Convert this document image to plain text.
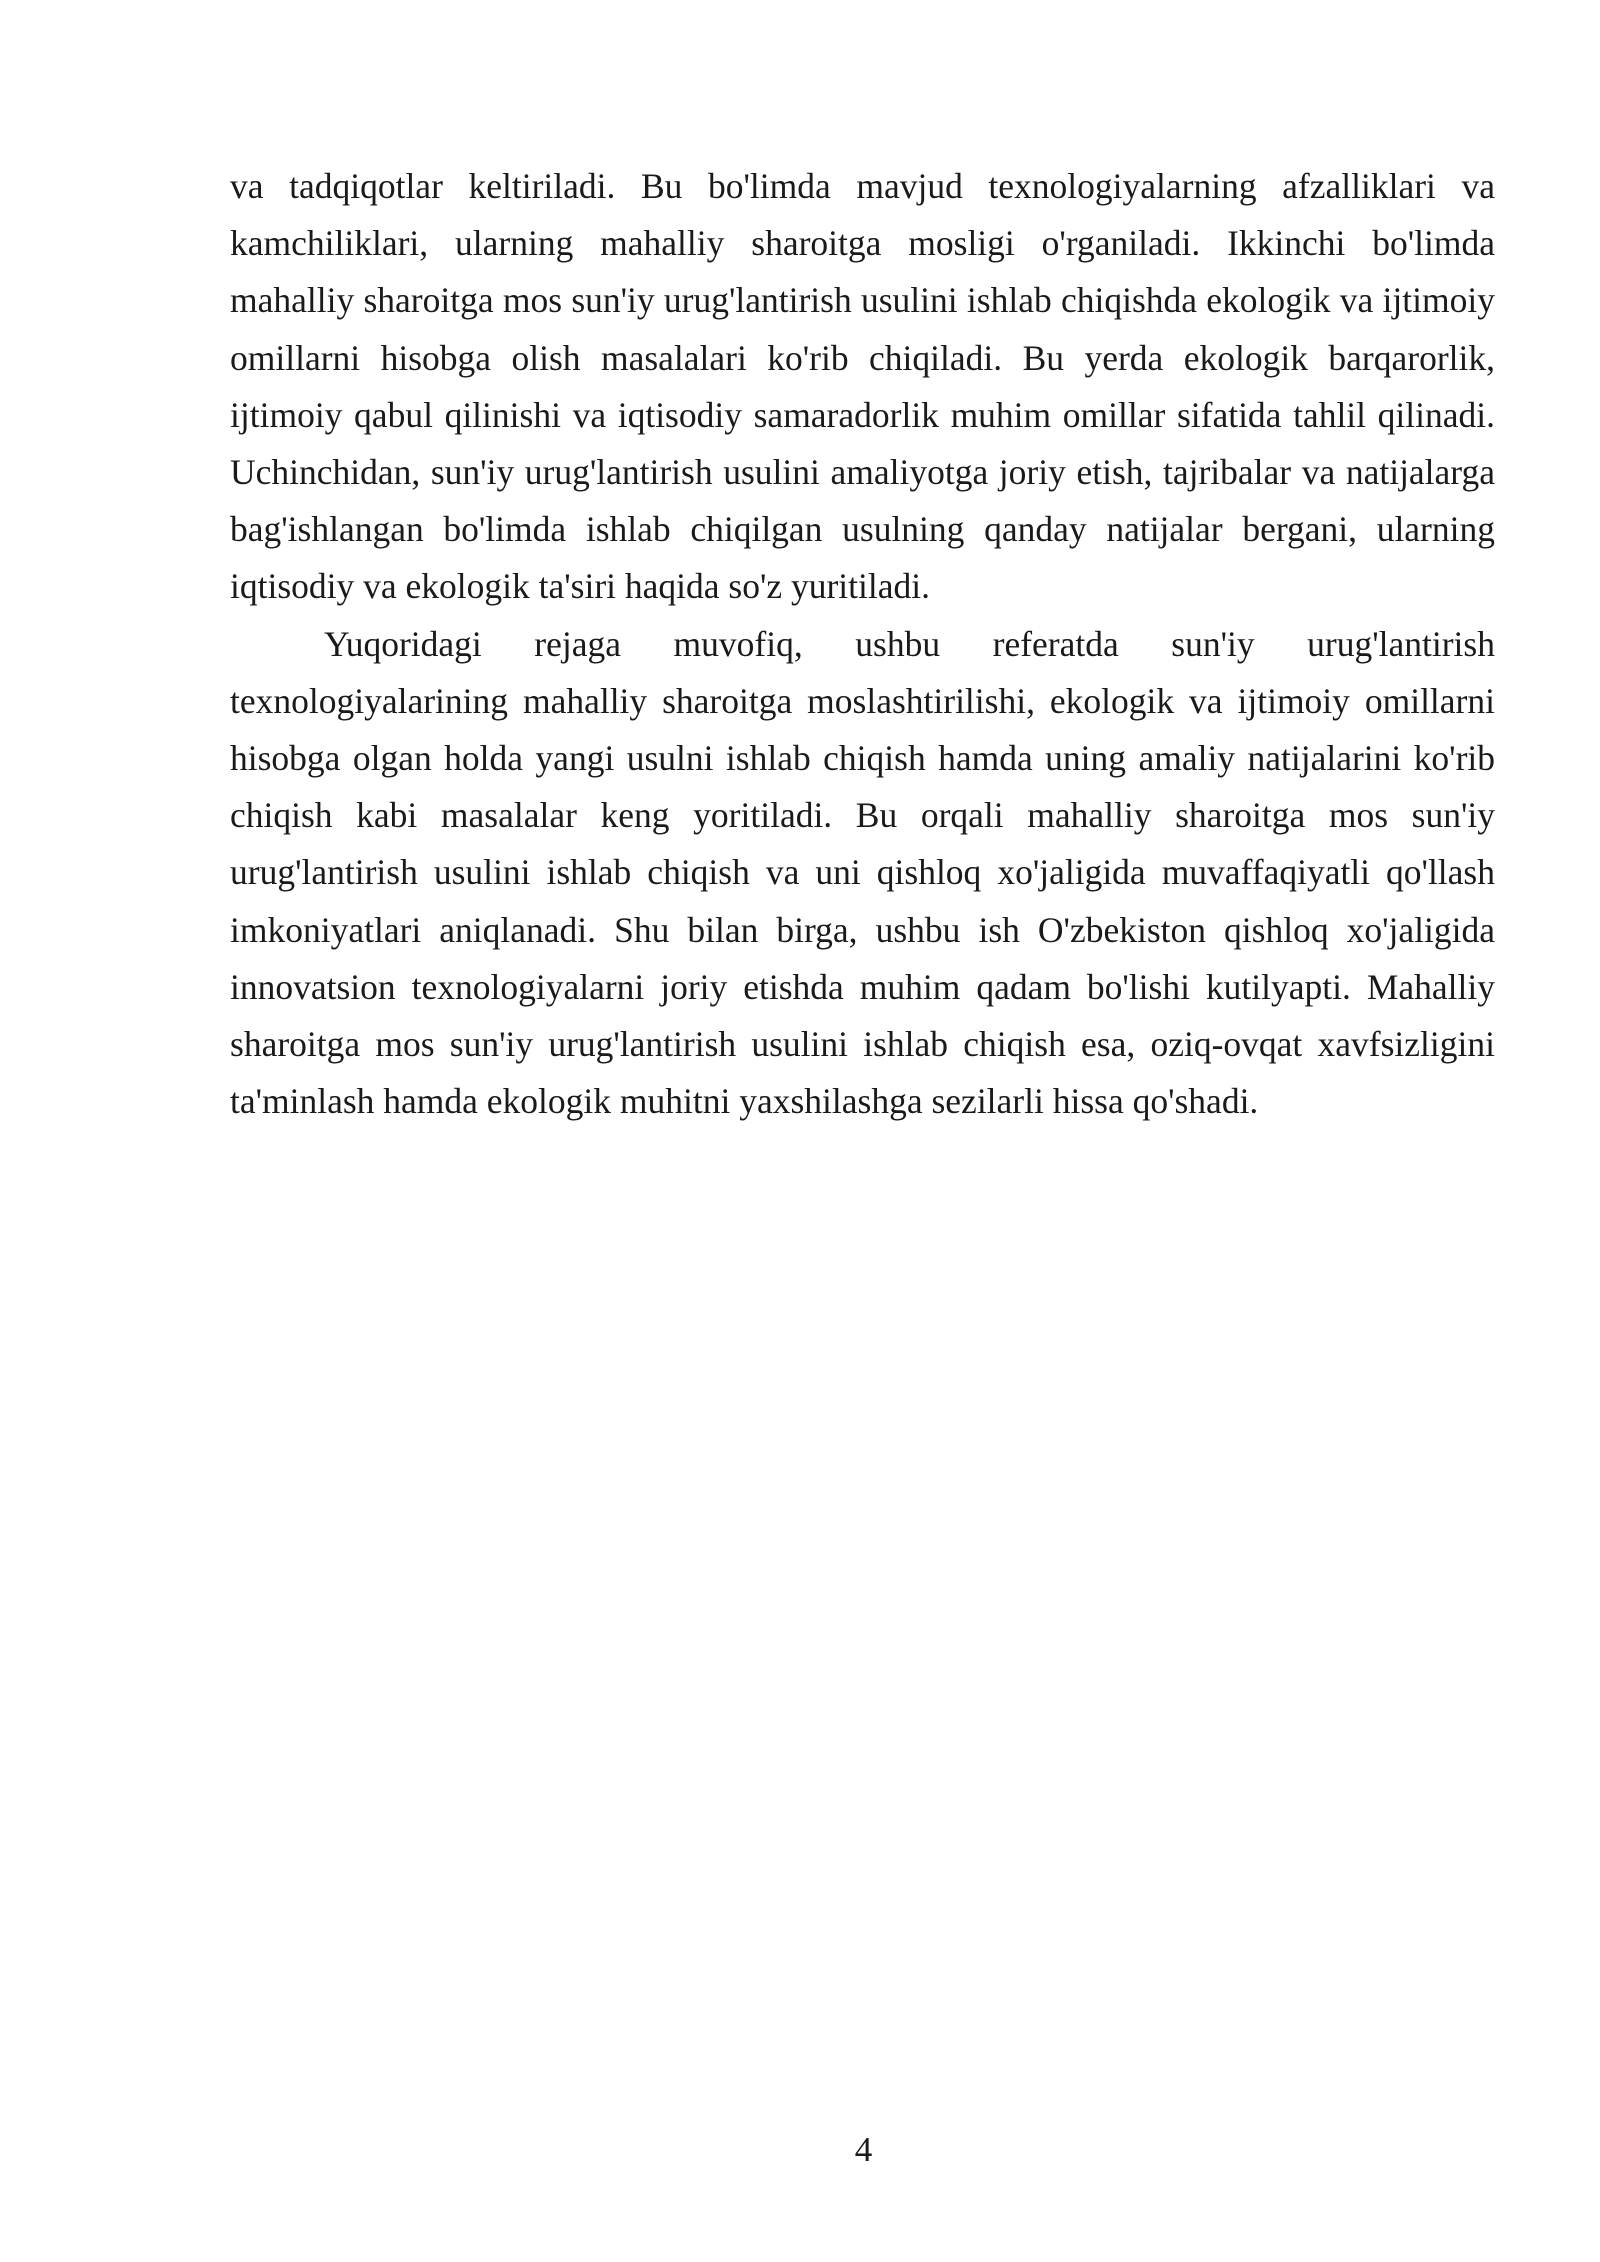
va tadqiqotlar keltiriladi. Bu bo'limda mavjud texnologiyalarning afzalliklari va kamchiliklari, ularning mahalliy sharoitga mosligi o'rganiladi. Ikkinchi bo'limda mahalliy sharoitga mos sun'iy urug'lantirish usulini ishlab chiqishda ekologik va ijtimoiy omillarni hisobga olish masalalari ko'rib chiqiladi. Bu yerda ekologik barqarorlik, ijtimoiy qabul qilinishi va iqtisodiy samaradorlik muhim omillar sifatida tahlil qilinadi. Uchinchidan, sun'iy urug'lantirish usulini amaliyotga joriy etish, tajribalar va natijalarga bag'ishlangan bo'limda ishlab chiqilgan usulning qanday natijalar bergani, ularning iqtisodiy va ekologik ta'siri haqida so'z yuritiladi.

Yuqoridagi rejaga muvofiq, ushbu referatda sun'iy urug'lantirish texnologiyalarining mahalliy sharoitga moslashtirilishi, ekologik va ijtimoiy omillarni hisobga olgan holda yangi usulni ishlab chiqish hamda uning amaliy natijalarini ko'rib chiqish kabi masalalar keng yoritiladi. Bu orqali mahalliy sharoitga mos sun'iy urug'lantirish usulini ishlab chiqish va uni qishloq xo'jaligida muvaffaqiyatli qo'llash imkoniyatlari aniqlanadi. Shu bilan birga, ushbu ish O'zbekiston qishloq xo'jaligida innovatsion texnologiyalarni joriy etishda muhim qadam bo'lishi kutilyapti. Mahalliy sharoitga mos sun'iy urug'lantirish usulini ishlab chiqish esa, oziq-ovqat xavfsizligini ta'minlash hamda ekologik muhitni yaxshilashga sezilarli hissa qo'shadi.

4
